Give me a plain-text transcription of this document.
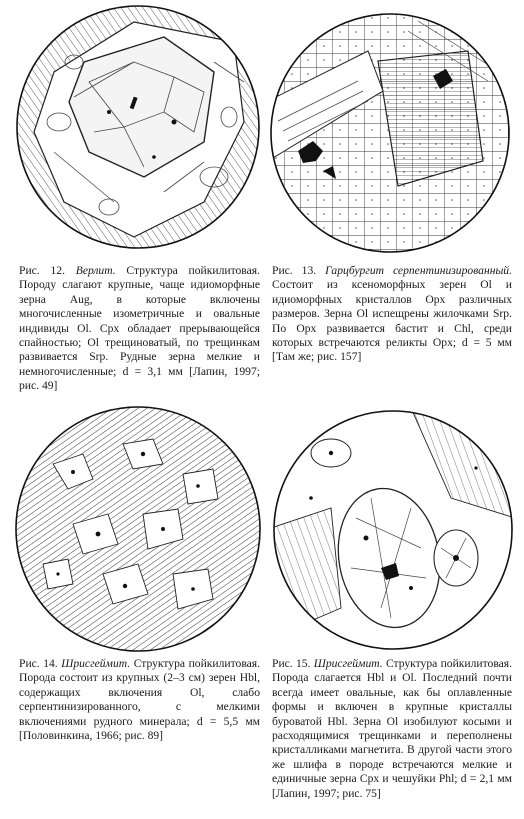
Рис. 12. Верлит. Структура пойкилитовая. Породу слагают крупные, чаще идиоморфные зерна Aug, в которые включены многочисленные изометричные и овальные индивиды Ol. Cpx обладает прерывающейся спайностью; Ol трещиноватый, по трещинкам развивается Srp. Рудные зерна мелкие и немногочисленные; d = 3,1 мм [Лапин, 1997; рис. 49]
Рис. 13. Гарцбургит серпентинизированный. Состоит из ксеноморфных зерен Ol и идиоморфных кристаллов Opx различных размеров. Зерна Ol испещрены жилочками Srp. По Opx развивается бастит и Chl, среди которых встречаются реликты Opx; d = 5 мм [Там же; рис. 157]
Рис. 14. Шрисгеймит. Структура пойкилитовая. Порода состоит из крупных (2–3 см) зерен Hbl, содержащих включения Ol, слабо серпентинизированного, с мелкими включениями рудного минерала; d = 5,5 мм [Половинкина, 1966; рис. 89]
Рис. 15. Шрисгеймит. Структура пойкилитовая. Порода слагается Hbl и Ol. Последний почти всегда имеет овальные, как бы оплавленные формы и включен в крупные кристаллы буроватой Hbl. Зерна Ol изобилуют косыми и расходящимися трещинками и переполнены кристалликами магнетита. В другой части этого же шлифа в породе встречаются мелкие и единичные зерна Cpx и чешуйки Phl; d = 2,1 мм [Лапин, 1997; рис. 75]
